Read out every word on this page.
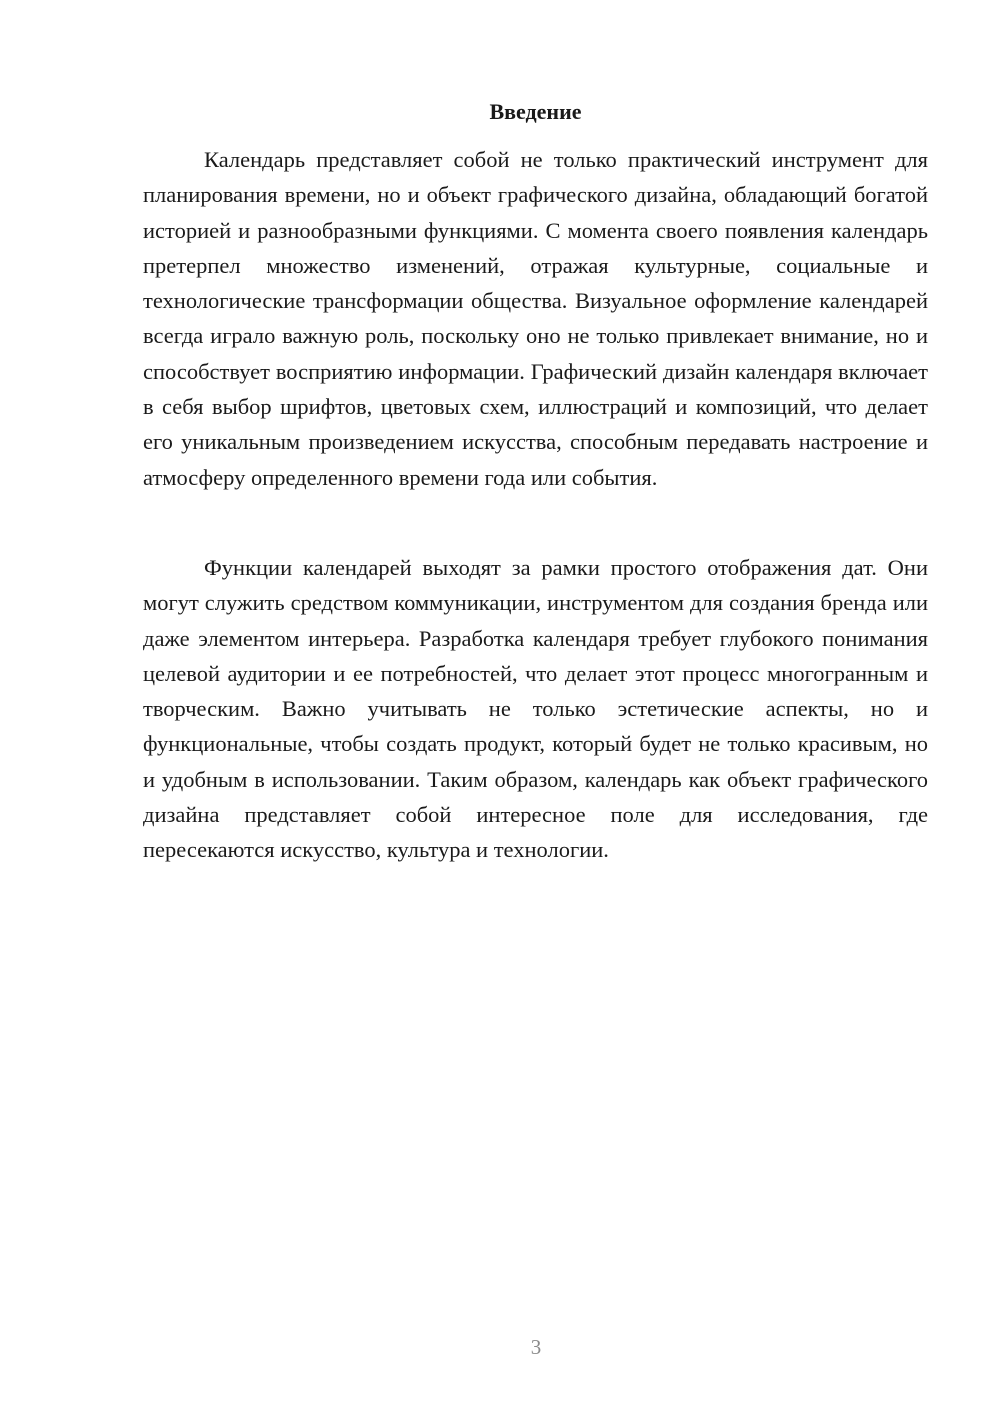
Введение

Календарь представляет собой не только практический инструмент для планирования времени, но и объект графического дизайна, обладающий богатой историей и разнообразными функциями. С момента своего появления календарь претерпел множество изменений, отражая культурные, социальные и технологические трансформации общества. Визуальное оформление календарей всегда играло важную роль, поскольку оно не только привлекает внимание, но и способствует восприятию информации. Графический дизайн календаря включает в себя выбор шрифтов, цветовых схем, иллюстраций и композиций, что делает его уникальным произведением искусства, способным передавать настроение и атмосферу определенного времени года или события.

Функции календарей выходят за рамки простого отображения дат. Они могут служить средством коммуникации, инструментом для создания бренда или даже элементом интерьера. Разработка календаря требует глубокого понимания целевой аудитории и ее потребностей, что делает этот процесс многогранным и творческим. Важно учитывать не только эстетические аспекты, но и функциональные, чтобы создать продукт, который будет не только красивым, но и удобным в использовании. Таким образом, календарь как объект графического дизайна представляет собой интересное поле для исследования, где пересекаются искусство, культура и технологии.

3
